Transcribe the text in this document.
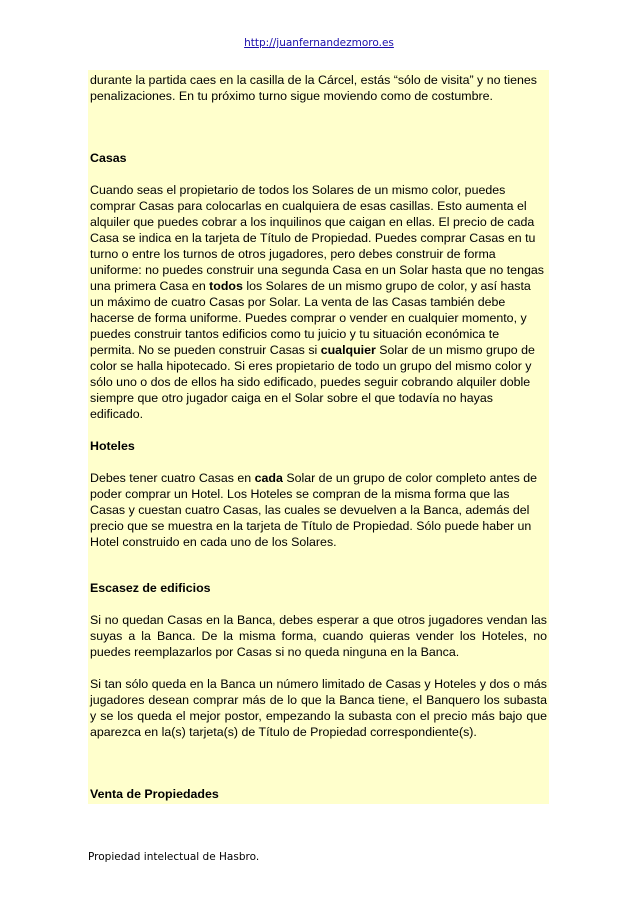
http://juanfernandezmoro.es

durante la partida caes en la casilla de la Cárcel, estás “sólo de visita” y no tienes penalizaciones. En tu próximo turno sigue moviendo como de costumbre.

Casas

Cuando seas el propietario de todos los Solares de un mismo color, puedes comprar Casas para colocarlas en cualquiera de esas casillas. Esto aumenta el alquiler que puedes cobrar a los inquilinos que caigan en ellas. El precio de cada Casa se indica en la tarjeta de Título de Propiedad. Puedes comprar Casas en tu turno o entre los turnos de otros jugadores, pero debes construir de forma uniforme: no puedes construir una segunda Casa en un Solar hasta que no tengas una primera Casa en todos los Solares de un mismo grupo de color, y así hasta un máximo de cuatro Casas por Solar. La venta de las Casas también debe hacerse de forma uniforme. Puedes comprar o vender en cualquier momento, y puedes construir tantos edificios como tu juicio y tu situación económica te permita. No se pueden construir Casas si cualquier Solar de un mismo grupo de color se halla hipotecado. Si eres propietario de todo un grupo del mismo color y sólo uno o dos de ellos ha sido edificado, puedes seguir cobrando alquiler doble siempre que otro jugador caiga en el Solar sobre el que todavía no hayas edificado.

Hoteles

Debes tener cuatro Casas en cada Solar de un grupo de color completo antes de poder comprar un Hotel. Los Hoteles se compran de la misma forma que las Casas y cuestan cuatro Casas, las cuales se devuelven a la Banca, además del precio que se muestra en la tarjeta de Título de Propiedad. Sólo puede haber un Hotel construido en cada uno de los Solares.

Escasez de edificios

Si no quedan Casas en la Banca, debes esperar a que otros jugadores vendan las suyas a la Banca. De la misma forma, cuando quieras vender los Hoteles, no puedes reemplazarlos por Casas si no queda ninguna en la Banca.

Si tan sólo queda en la Banca un número limitado de Casas y Hoteles y dos o más jugadores desean comprar más de lo que la Banca tiene, el Banquero los subasta y se los queda el mejor postor, empezando la subasta con el precio más bajo que aparezca en la(s) tarjeta(s) de Título de Propiedad correspondiente(s).

Venta de Propiedades

Propiedad intelectual de Hasbro.
